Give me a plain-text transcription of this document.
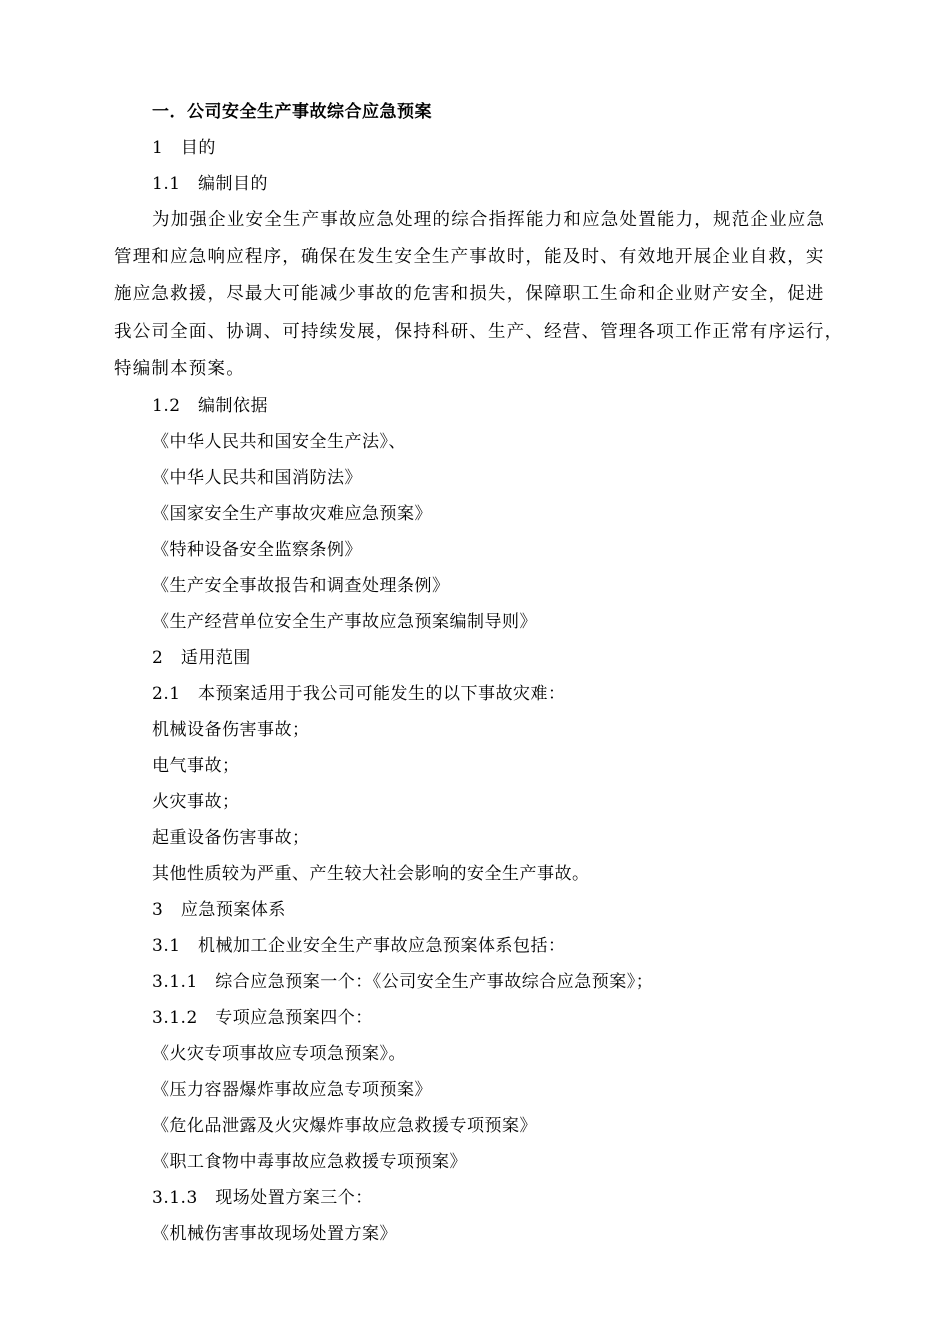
一．公司安全生产事故综合应急预案
1　目的
1.1　编制目的
为加强企业安全生产事故应急处理的综合指挥能力和应急处置能力，规范企业应急
管理和应急响应程序，确保在发生安全生产事故时，能及时、有效地开展企业自救，实
施应急救援，尽最大可能减少事故的危害和损失，保障职工生命和企业财产安全，促进
我公司全面、协调、可持续发展，保持科研、生产、经营、管理各项工作正常有序运行，
特编制本预案。
1.2　编制依据
《中华人民共和国安全生产法》、
《中华人民共和国消防法》
《国家安全生产事故灾难应急预案》
《特种设备安全监察条例》
《生产安全事故报告和调查处理条例》
《生产经营单位安全生产事故应急预案编制导则》
2　适用范围
2.1　本预案适用于我公司可能发生的以下事故灾难：
机械设备伤害事故；
电气事故；
火灾事故；
起重设备伤害事故；
其他性质较为严重、产生较大社会影响的安全生产事故。
3　应急预案体系
3.1　机械加工企业安全生产事故应急预案体系包括：
3.1.1　综合应急预案一个：《公司安全生产事故综合应急预案》；
3.1.2　专项应急预案四个：
《火灾专项事故应专项急预案》。
《压力容器爆炸事故应急专项预案》
《危化品泄露及火灾爆炸事故应急救援专项预案》
《职工食物中毒事故应急救援专项预案》
3.1.3　现场处置方案三个：
《机械伤害事故现场处置方案》
